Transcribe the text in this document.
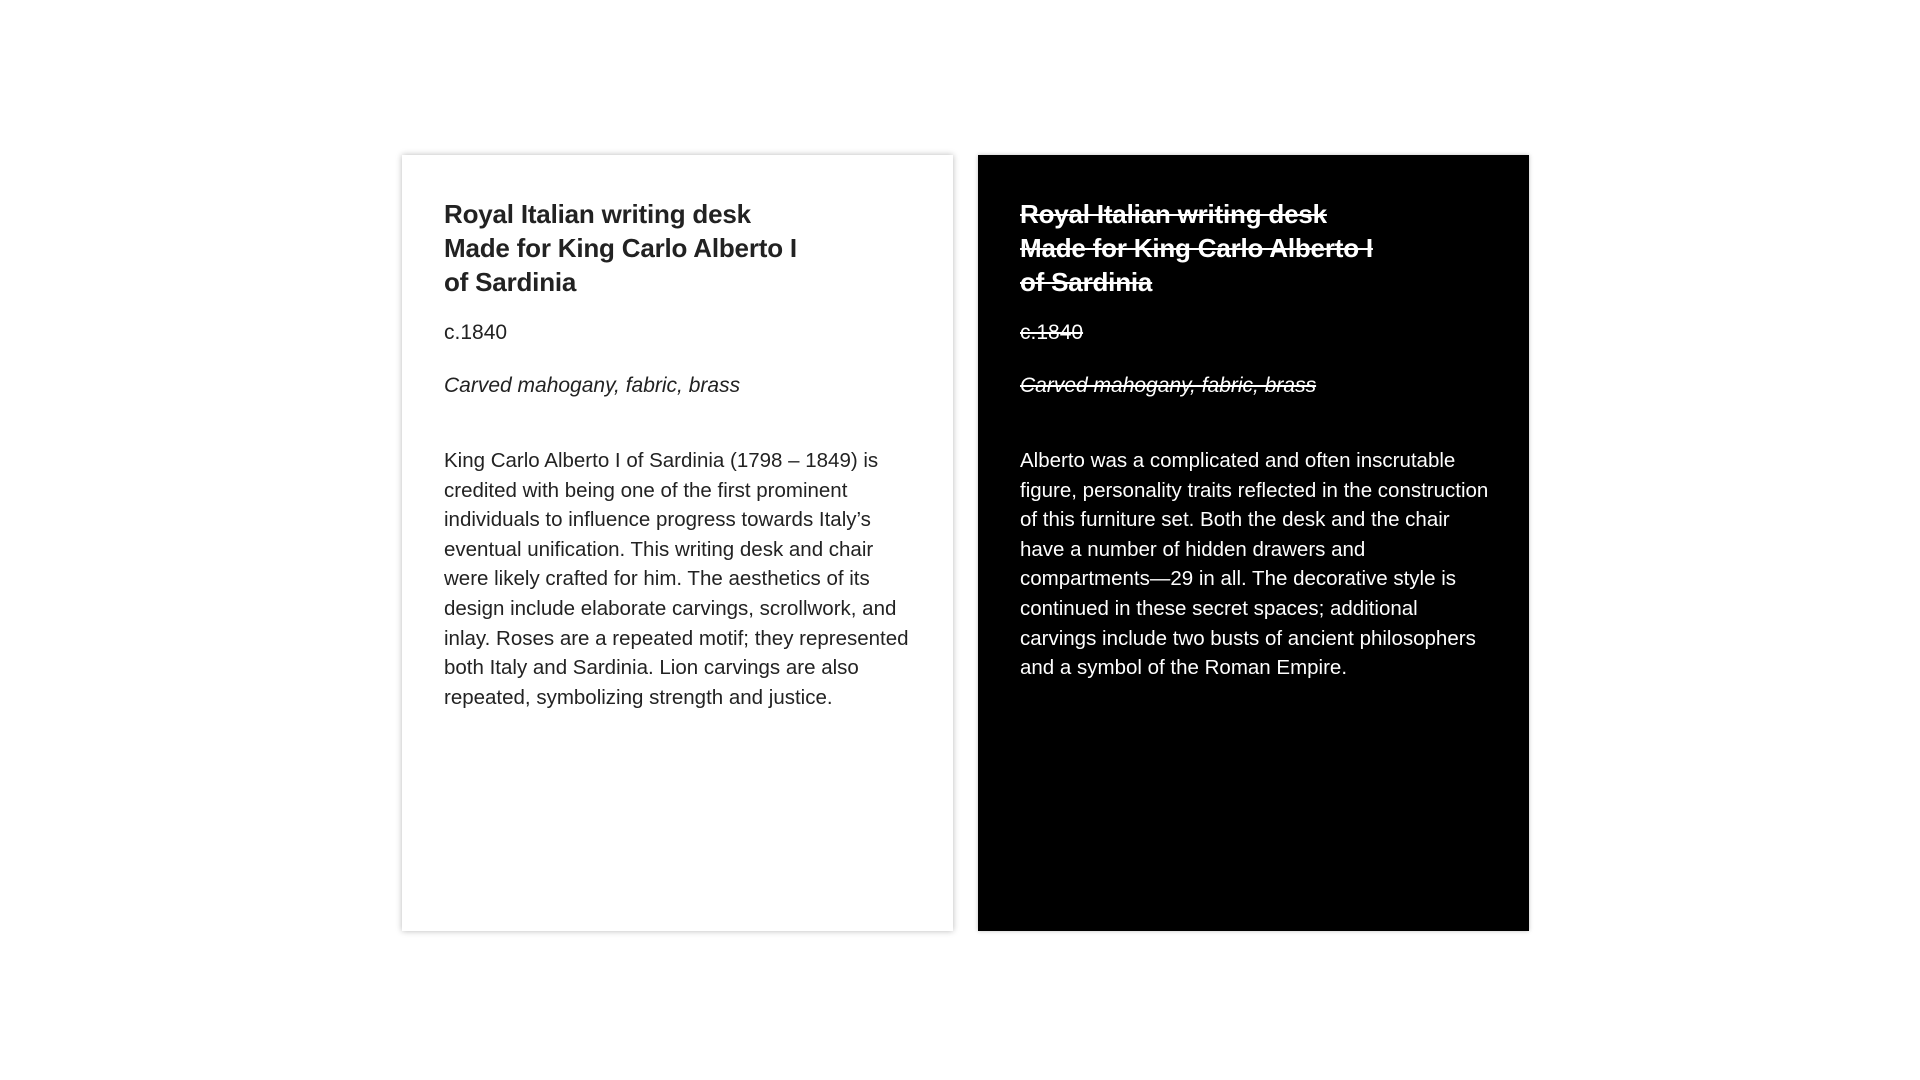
Royal Italian writing desk
Made for King Carlo Alberto I
of Sardinia

c.1840

Carved mahogany, fabric, brass

King Carlo Alberto I of Sardinia (1798 – 1849) is credited with being one of the first prominent individuals to influence progress towards Italy’s eventual unification. This writing desk and chair were likely crafted for him. The aesthetics of its design include elaborate carvings, scrollwork, and inlay. Roses are a repeated motif; they represented both Italy and Sardinia. Lion carvings are also repeated, symbolizing strength and justice.

Royal Italian writing desk
Made for King Carlo Alberto I
of Sardinia

c.1840

Carved mahogany, fabric, brass

Alberto was a complicated and often inscrutable figure, personality traits reflected in the construction of this furniture set. Both the desk and the chair have a number of hidden drawers and compartments—29 in all. The decorative style is continued in these secret spaces; additional carvings include two busts of ancient philosophers and a symbol of the Roman Empire.
